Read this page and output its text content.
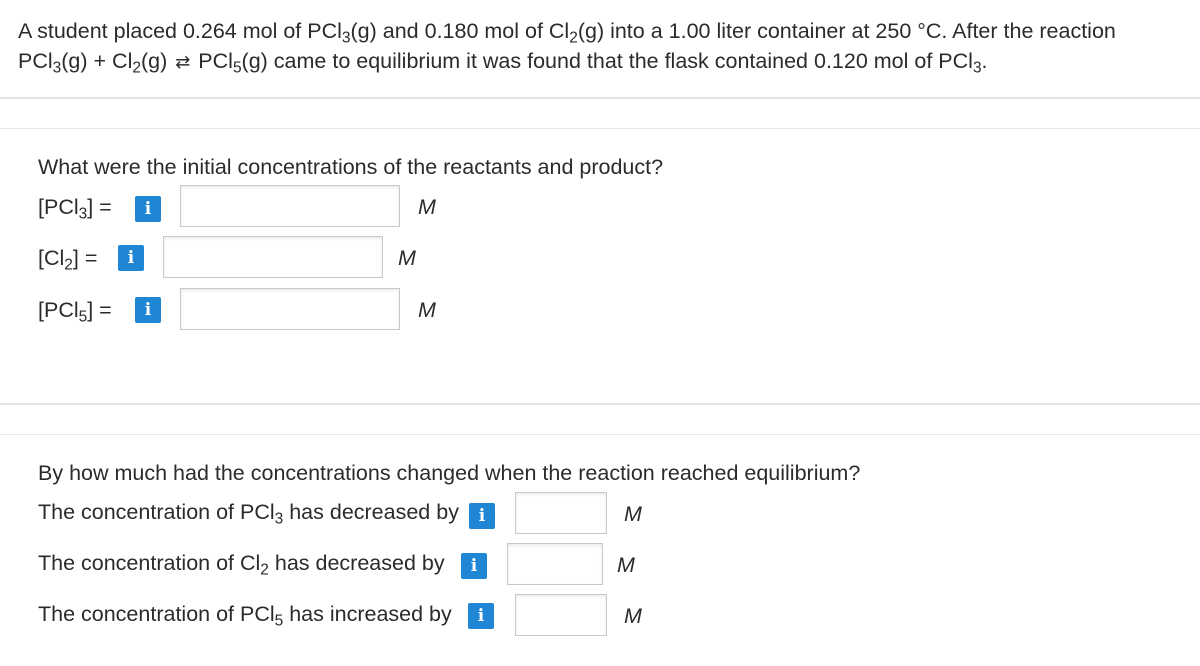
A student placed 0.264 mol of PCl$_3$(g) and 0.180 mol of $Cl_2(g)$ into a 1.00 liter container at 250 °C. After the reaction

$PCl_3(g) + Cl_2(g)$ ⇄ PCl$_5$(g) came to equilibrium it was found that the flask contained 0.120 mol of PCl$_3$.

What were the initial concentrations of the reactants and product?
[PCl$_3$] =	i	M
$[Cl_2]$ =	i	M
[PCl$_5$] =	i	M
By how much had the concentrations changed when the reaction reached equilibrium?
The concentration of PCl$_3$ has decreased by	i	M
The concentration of $Cl_2$ has decreased by	i	M
The concentration of PCl$_5$ has increased by	i	M
